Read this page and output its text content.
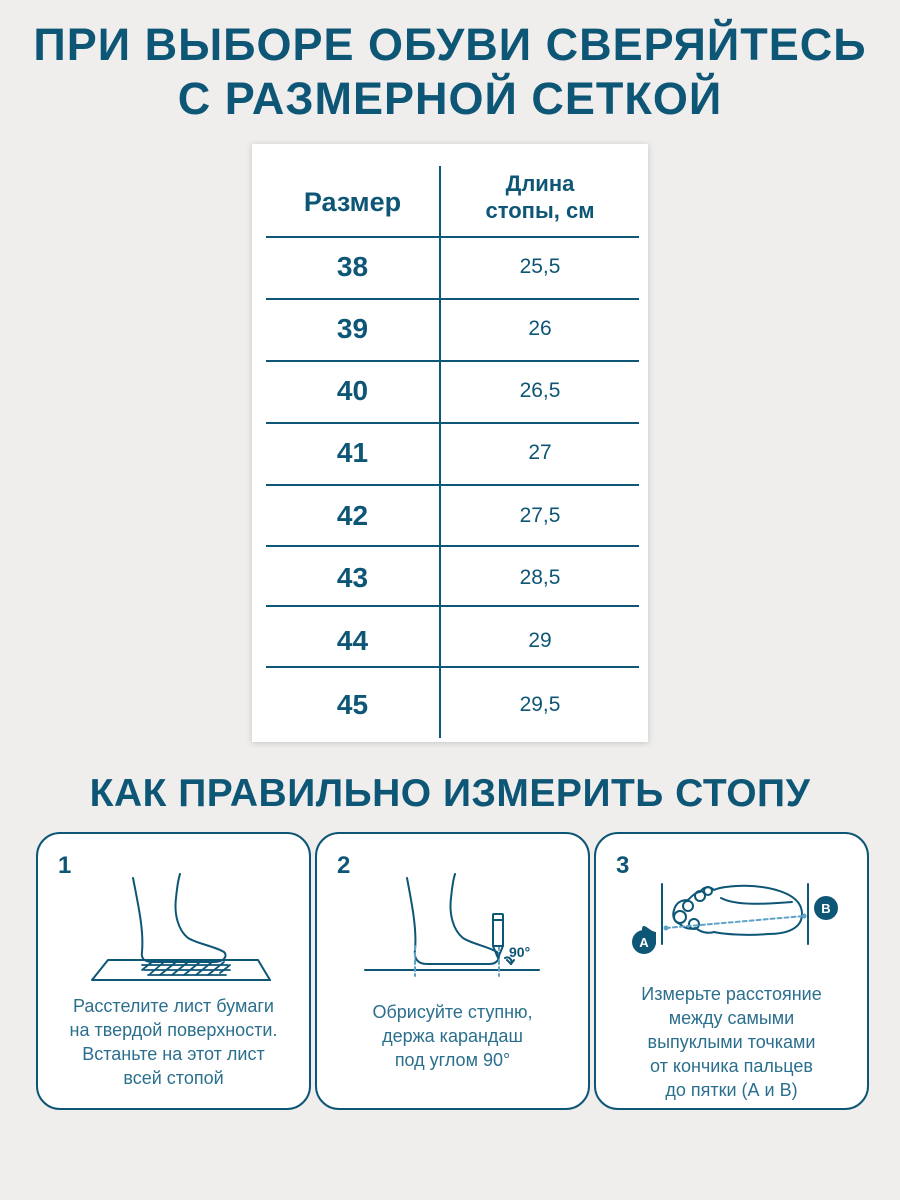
ПРИ ВЫБОРЕ ОБУВИ СВЕРЯЙТЕСЬ
С РАЗМЕРНОЙ СЕТКОЙ
Размер
Длина
стопы, см
38	25,5
39	26
40	26,5
41	27
42	27,5
43	28,5
44	29
45	29,5
КАК ПРАВИЛЬНО ИЗМЕРИТЬ СТОПУ
1
Расстелите лист бумаги
на твердой поверхности.
Встаньте на этот лист
всей стопой
2
90°
Обрисуйте ступню,
держа карандаш
под углом 90°
3
A
B
Измерьте расстояние
между самыми
выпуклыми точками
от кончика пальцев
до пятки (А и В)
